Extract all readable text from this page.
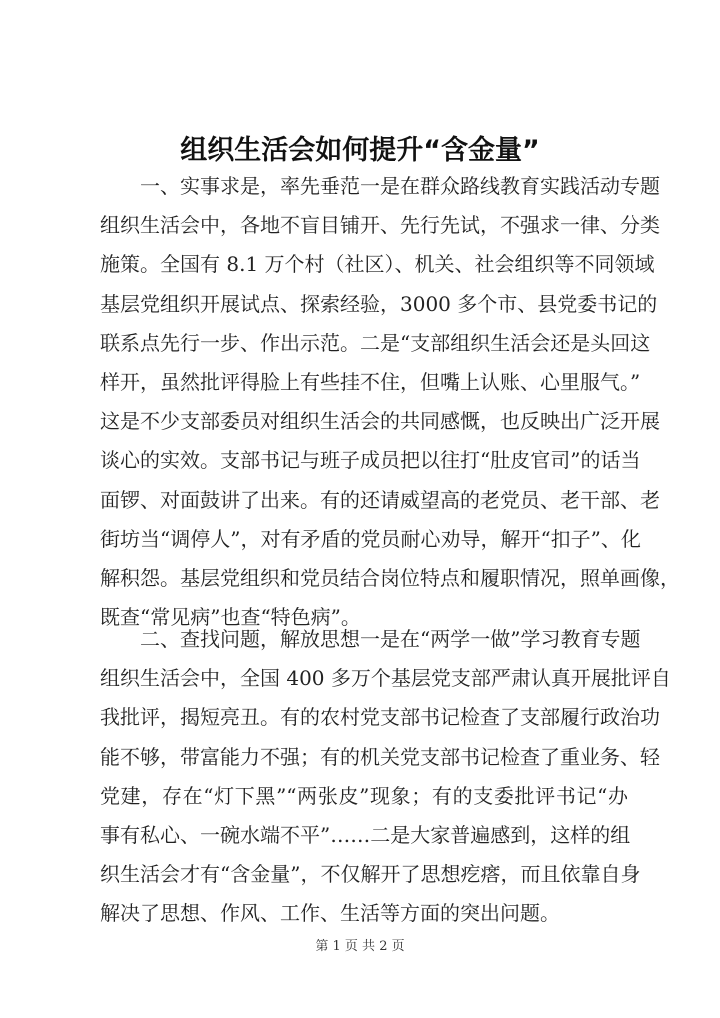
组织生活会如何提升“含金量”
一、实事求是，率先垂范一是在群众路线教育实践活动专题
组织生活会中，各地不盲目铺开、先行先试，不强求一律、分类
施策。全国有 8.1 万个村（社区）、机关、社会组织等不同领域
基层党组织开展试点、探索经验，3000 多个市、县党委书记的
联系点先行一步、作出示范。二是“支部组织生活会还是头回这
样开，虽然批评得脸上有些挂不住，但嘴上认账、心里服气。”
这是不少支部委员对组织生活会的共同感慨，也反映出广泛开展
谈心的实效。支部书记与班子成员把以往打“肚皮官司”的话当
面锣、对面鼓讲了出来。有的还请威望高的老党员、老干部、老
街坊当“调停人”，对有矛盾的党员耐心劝导，解开“扣子”、化
解积怨。基层党组织和党员结合岗位特点和履职情况，照单画像，
既查“常见病”也查“特色病”。
二、查找问题，解放思想一是在“两学一做”学习教育专题
组织生活会中，全国 400 多万个基层党支部严肃认真开展批评自
我批评，揭短亮丑。有的农村党支部书记检查了支部履行政治功
能不够，带富能力不强；有的机关党支部书记检查了重业务、轻
党建，存在“灯下黑”“两张皮”现象；有的支委批评书记“办
事有私心、一碗水端不平”……二是大家普遍感到，这样的组
织生活会才有“含金量”，不仅解开了思想疙瘩，而且依靠自身
解决了思想、作风、工作、生活等方面的突出问题。
第 1 页 共 2 页
